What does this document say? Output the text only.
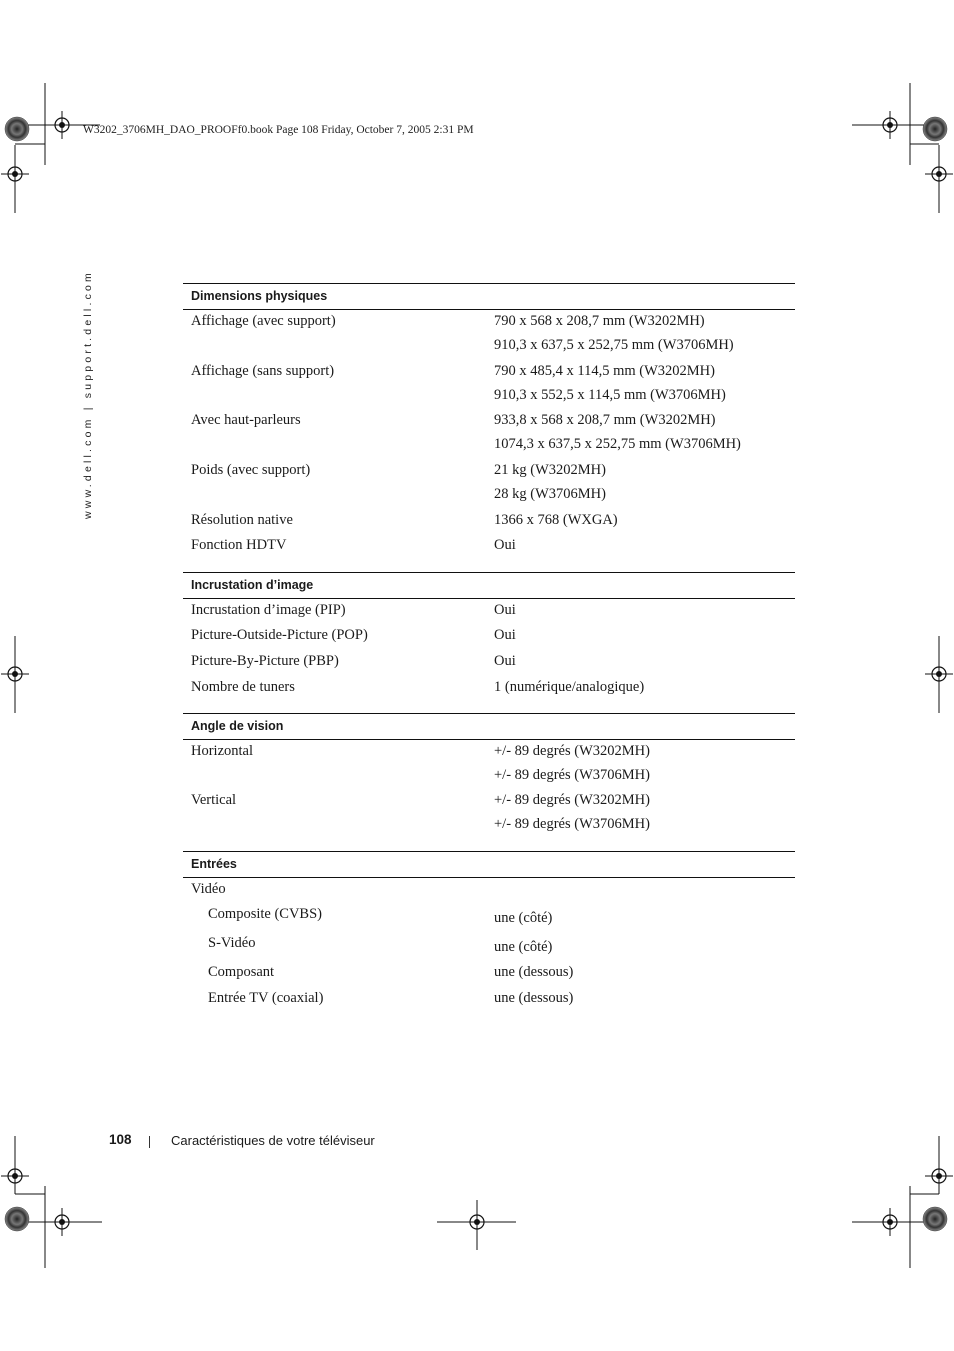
W3202_3706MH_DAO_PROOFf0.book Page 108 Friday, October 7, 2005 2:31 PM
www.dell.com | support.dell.com	Dimensions physiques
Affichage (avec support)	790 x 568 x 208,7 mm (W3202MH)
910,3 x 637,5 x 252,75 mm (W3706MH)
Affichage (sans support)	790 x 485,4 x 114,5 mm (W3202MH)
910,3 x 552,5 x 114,5 mm (W3706MH)
Avec haut-parleurs	933,8 x 568 x 208,7 mm (W3202MH)
1074,3 x 637,5 x 252,75 mm (W3706MH)
Poids (avec support)	21 kg (W3202MH)
28 kg (W3706MH)
Résolution native	1366 x 768 (WXGA)
Fonction HDTV	Oui
Incrustation d’image
Incrustation d’image (PIP)	Oui
Picture-Outside-Picture (POP)	Oui
Picture-By-Picture (PBP)	Oui
Nombre de tuners	1 (numérique/analogique)
Angle de vision
Horizontal	+/- 89 degrés (W3202MH)
+/- 89 degrés (W3706MH)
Vertical	+/- 89 degrés (W3202MH)
+/- 89 degrés (W3706MH)
Entrées
Vidéo
Composite (CVBS)	une (côté)
S-Vidéo	une (côté)
Composant	une (dessous)
Entrée TV (coaxial)	une (dessous)
108	Caractéristiques de votre téléviseur
